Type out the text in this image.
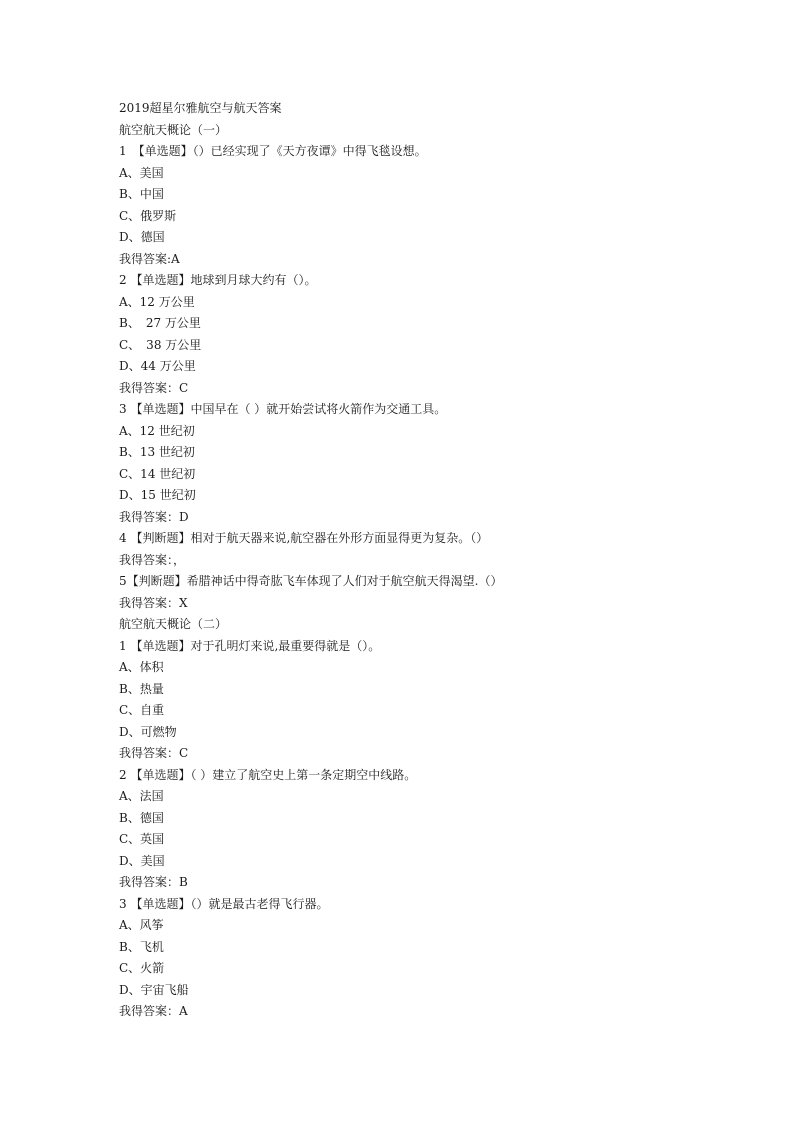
2019超星尔雅航空与航天答案
航空航天概论（一）
1　【单选题】（）已经实现了《天方夜谭》中得飞毯设想。
A、美国
B、中国
C、俄罗斯
D、德国
我得答案:A
2 【单选题】地球到月球大约有（）。
A、12 万公里
B、　27 万公里
C、　38 万公里
D、44 万公里
我得答案：C
3 【单选题】中国早在（ ）就开始尝试将火箭作为交通工具。
A、12 世纪初
B、13 世纪初
C、14 世纪初
D、15 世纪初
我得答案：D
4 【判断题】相对于航天器来说,航空器在外形方面显得更为复杂。（）
我得答案：，
5【判断题】希腊神话中得奇肱飞车体现了人们对于航空航天得渴望.（）
我得答案：X
航空航天概论（二）
1 【单选题】对于孔明灯来说,最重要得就是（）。
A、体积
B、热量
C、自重
D、可燃物
我得答案：C
2 【单选题】（ ）建立了航空史上第一条定期空中线路。
A、法国
B、德国
C、英国
D、美国
我得答案：B
3 【单选题】（）就是最古老得飞行器。
A、风筝
B、飞机
C、火箭
D、宇宙飞船
我得答案：A
